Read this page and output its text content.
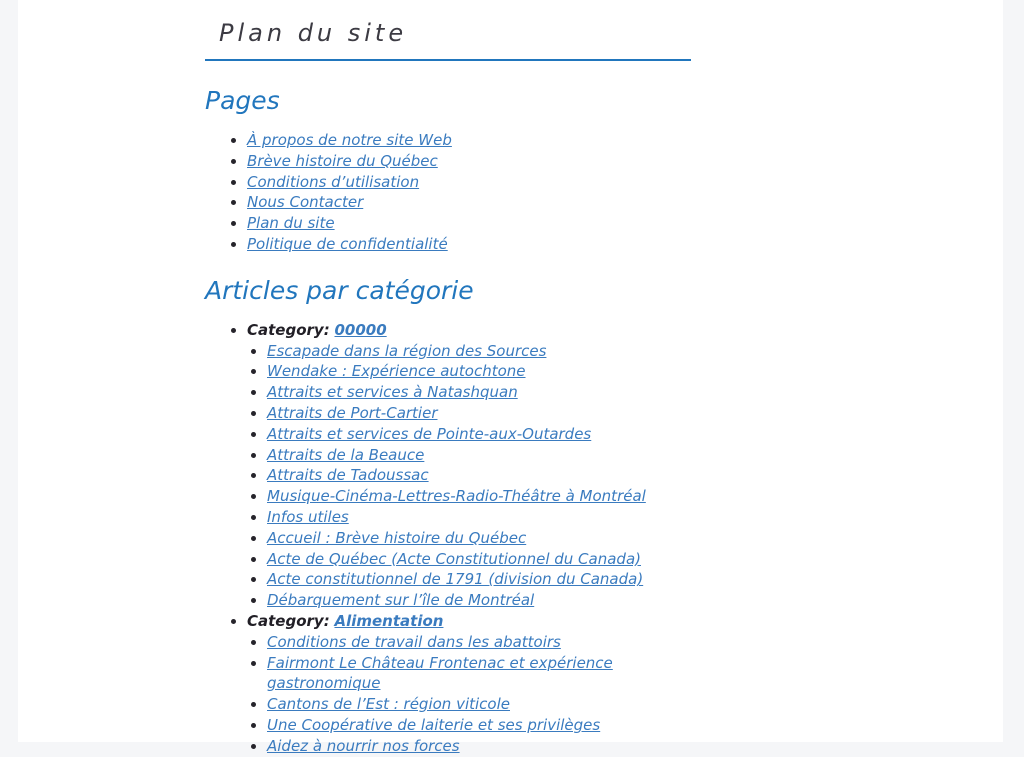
Plan du site
Pages
• À propos de notre site Web
• Brève histoire du Québec
• Conditions d’utilisation
• Nous Contacter
• Plan du site
• Politique de confidentialité
Articles par catégorie
• Category: 00000
• Escapade dans la région des Sources
• Wendake : Expérience autochtone
• Attraits et services à Natashquan
• Attraits de Port-Cartier
• Attraits et services de Pointe-aux-Outardes
• Attraits de la Beauce
• Attraits de Tadoussac
• Musique-Cinéma-Lettres-Radio-Théâtre à Montréal
• Infos utiles
• Accueil : Brève histoire du Québec
• Acte de Québec (Acte Constitutionnel du Canada)
• Acte constitutionnel de 1791 (division du Canada)
• Débarquement sur l’île de Montréal
• Category: Alimentation
• Conditions de travail dans les abattoirs
• Fairmont Le Château Frontenac et expérience gastronomique
• Cantons de l’Est : région viticole
• Une Coopérative de laiterie et ses privilèges
• Aidez à nourrir nos forces
